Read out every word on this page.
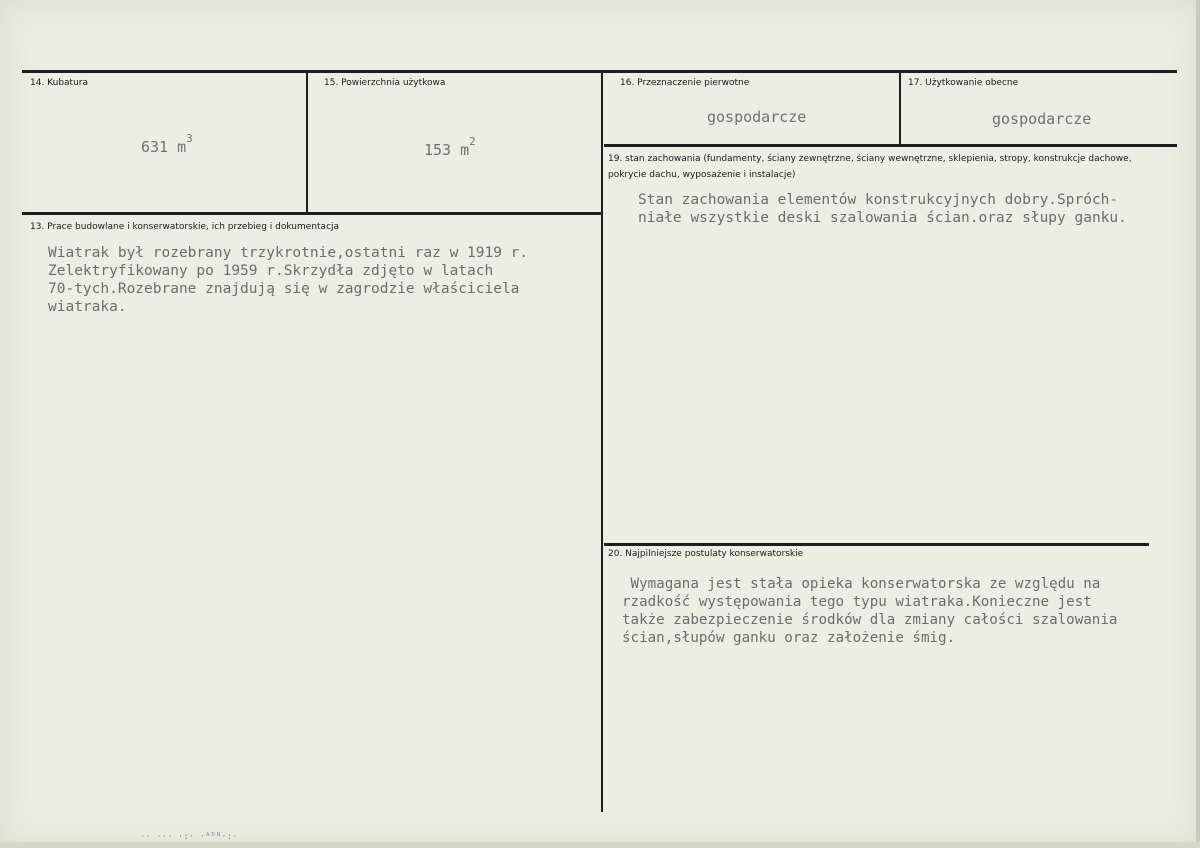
14. Kubatura
631 $m^3$
15. Powierzchnia użytkowa
153 $m^2$
16. Przeznaczenie pierwotne
gospodarcze
17. Użytkowanie obecne
gospodarcze
13. Prace budowlane i konserwatorskie, ich przebieg i dokumentacja
Wiatrak był rozebrany trzykrotnie,ostatni raz w 1919 r.
Zelektryfikowany po 1959 r.Skrzydła zdjęto w latach
70-tych.Rozebrane znajdują się w zagrodzie właściciela
wiatraka.
19. stan zachowania (fundamenty, ściany zewnętrzne, ściany wewnętrzne, sklepienia, stropy, konstrukcje dachowe, pokrycie dachu, wyposażenie i instalacje)
Stan zachowania elementów konstrukcyjnych dobry.Spróch-
niałe wszystkie deski szalowania ścian.oraz słupy ganku.
20. Najpilniejsze postulaty konserwatorskie
Wymagana jest stała opieka konserwatorska ze względu na
rzadkość występowania tego typu wiatraka.Konieczne jest
także zabezpieczenie środków dla zmiany całości szalowania
ścian,słupów ganku oraz założenie śmig.
·· ··· ·:· ·ᴬᴰᴺ·:·
